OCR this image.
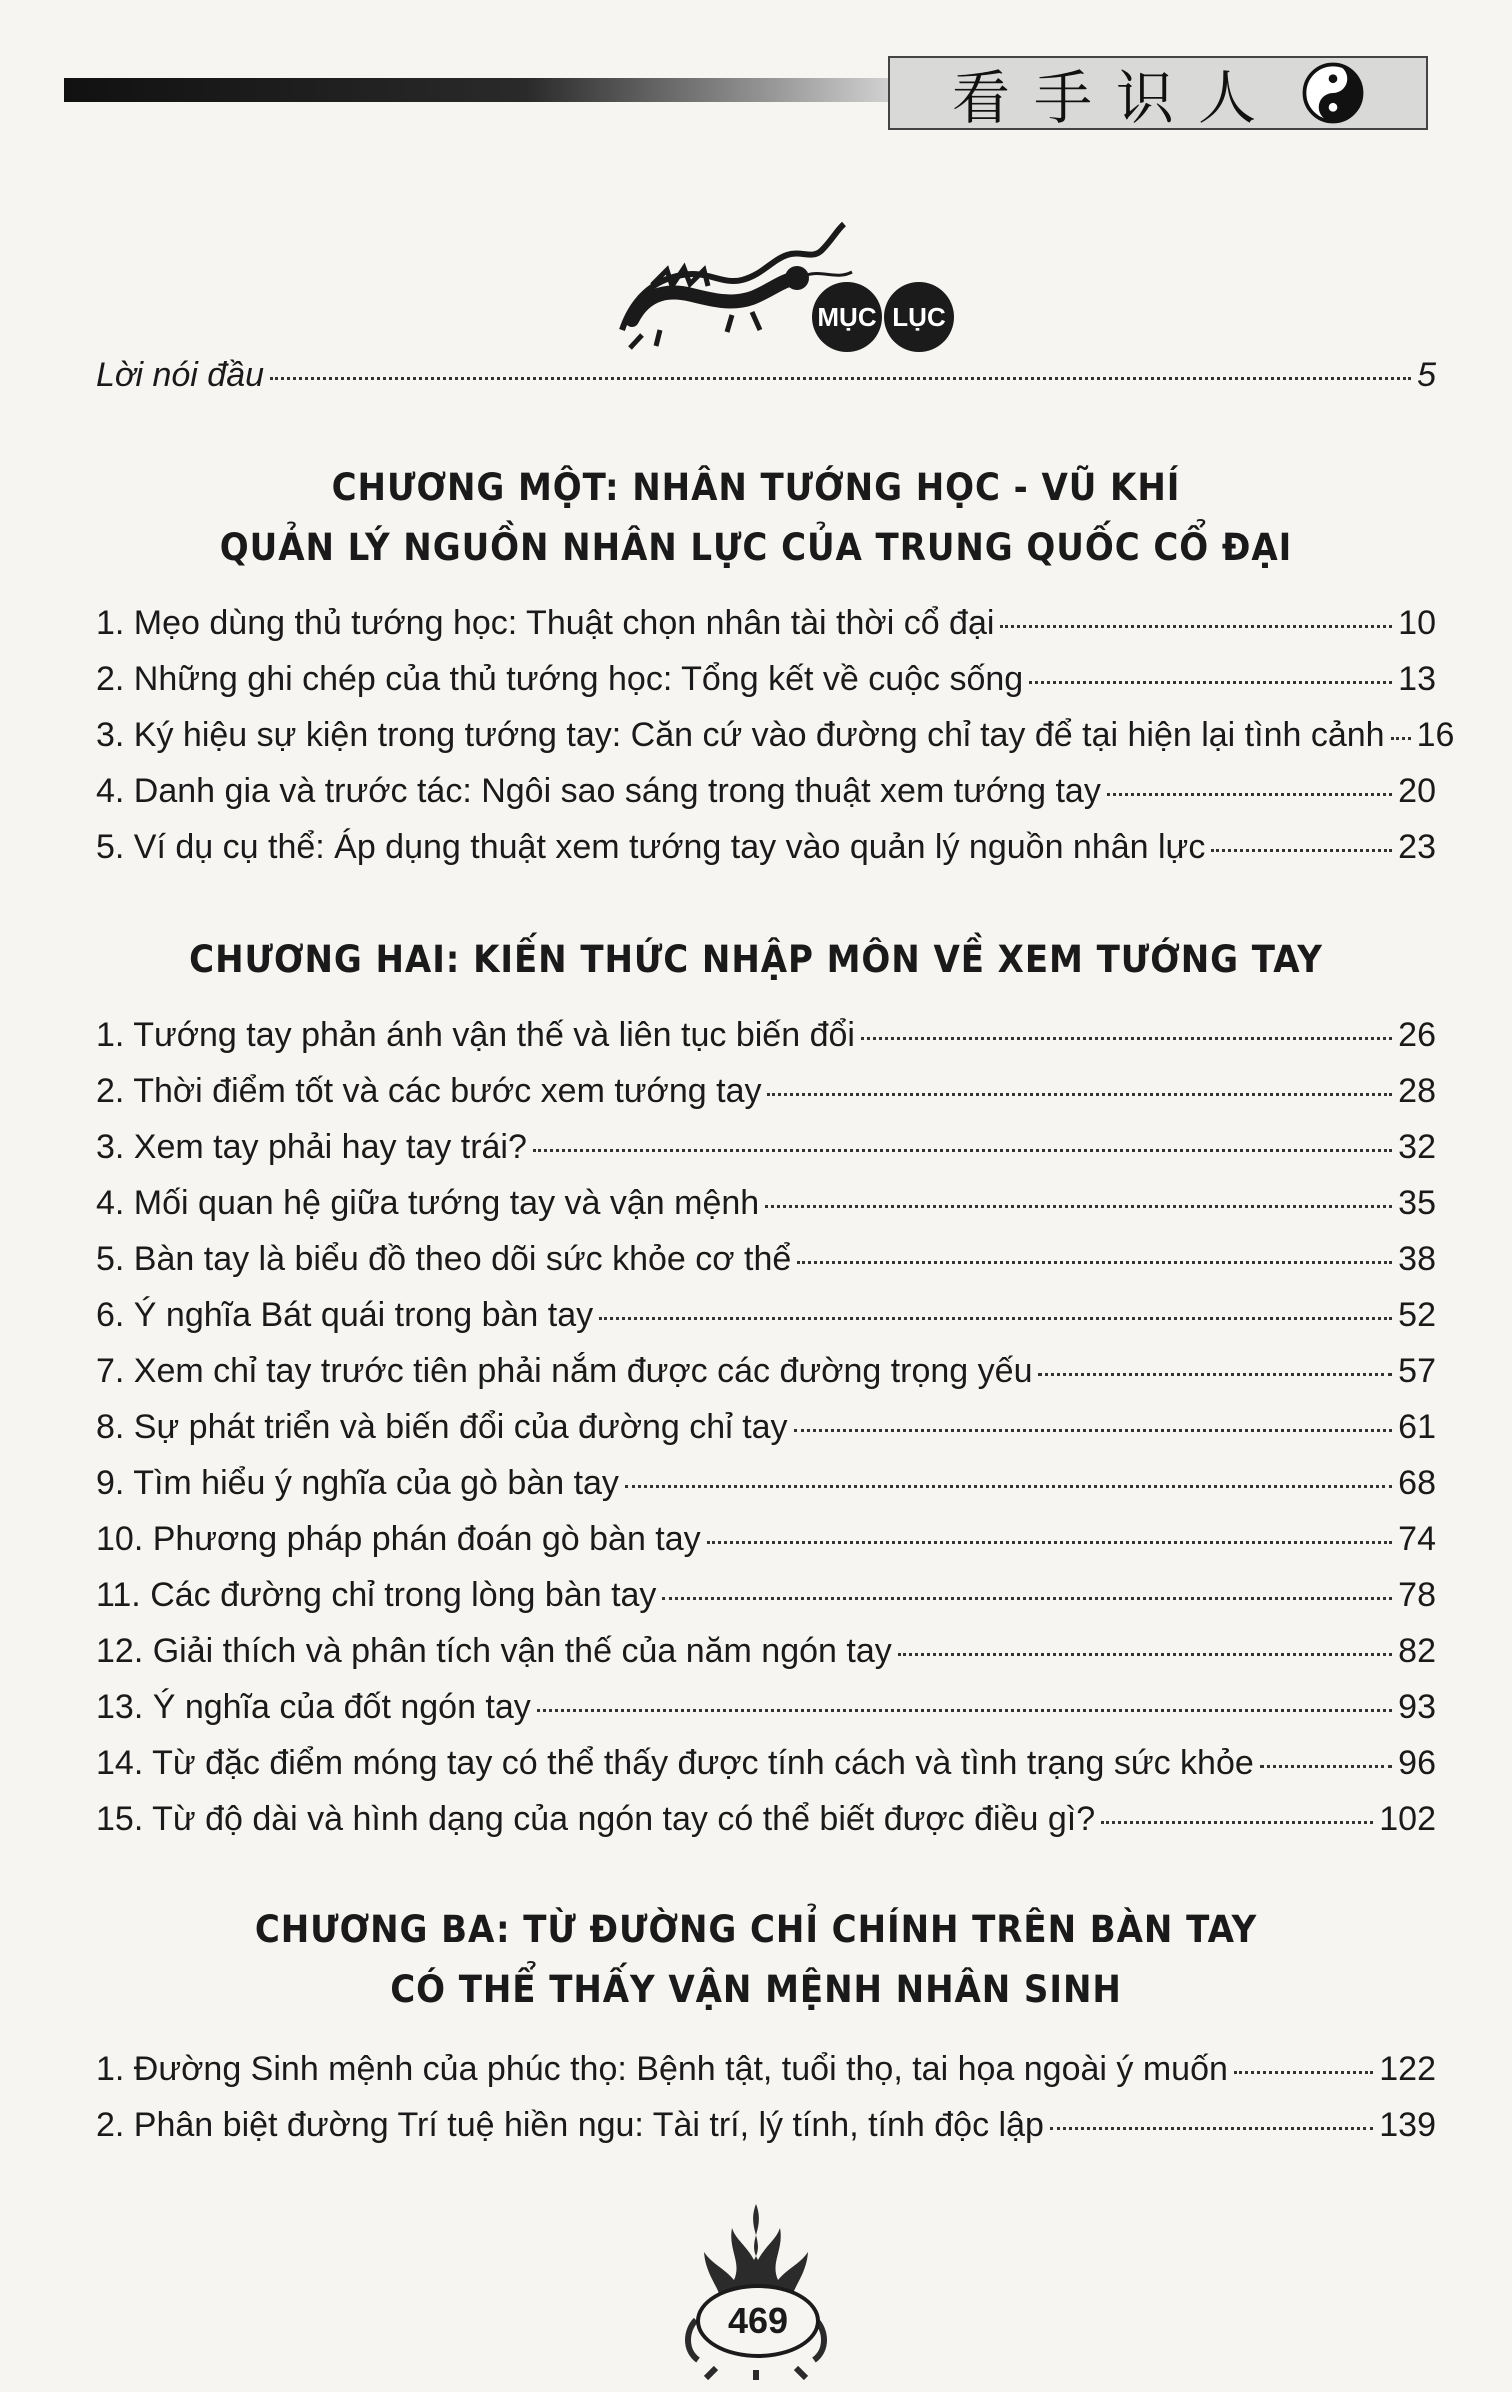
看手识人
MỤC LỤC
Lời nói đầu	5
CHƯƠNG MỘT: NHÂN TƯỚNG HỌC - VŨ KHÍ
QUẢN LÝ NGUỒN NHÂN LỰC CỦA TRUNG QUỐC CỔ ĐẠI
1. Mẹo dùng thủ tướng học: Thuật chọn nhân tài thời cổ đại	10
2. Những ghi chép của thủ tướng học: Tổng kết về cuộc sống	13
3. Ký hiệu sự kiện trong tướng tay: Căn cứ vào đường chỉ tay để tại hiện lại tình cảnh 16
4. Danh gia và trước tác: Ngôi sao sáng trong thuật xem tướng tay	20
5. Ví dụ cụ thể: Áp dụng thuật xem tướng tay vào quản lý nguồn nhân lực	23
CHƯƠNG HAI: KIẾN THỨC NHẬP MÔN VỀ XEM TƯỚNG TAY
1. Tướng tay phản ánh vận thế và liên tục biến đổi	26
2. Thời điểm tốt và các bước xem tướng tay	28
3. Xem tay phải hay tay trái?	32
4. Mối quan hệ giữa tướng tay và vận mệnh	35
5. Bàn tay là biểu đồ theo dõi sức khỏe cơ thể	38
6. Ý nghĩa Bát quái trong bàn tay	52
7. Xem chỉ tay trước tiên phải nắm được các đường trọng yếu	57
8. Sự phát triển và biến đổi của đường chỉ tay	61
9. Tìm hiểu ý nghĩa của gò bàn tay	68
10. Phương pháp phán đoán gò bàn tay	74
11. Các đường chỉ trong lòng bàn tay	78
12. Giải thích và phân tích vận thế của năm ngón tay	82
13. Ý nghĩa của đốt ngón tay	93
14. Từ đặc điểm móng tay có thể thấy được tính cách và tình trạng sức khỏe	96
15. Từ độ dài và hình dạng của ngón tay có thể biết được điều gì?	102
CHƯƠNG BA: TỪ ĐƯỜNG CHỈ CHÍNH TRÊN BÀN TAY
CÓ THỂ THẤY VẬN MỆNH NHÂN SINH
1. Đường Sinh mệnh của phúc thọ: Bệnh tật, tuổi thọ, tai họa ngoài ý muốn	122
2. Phân biệt đường Trí tuệ hiền ngu: Tài trí, lý tính, tính độc lập	139
469
